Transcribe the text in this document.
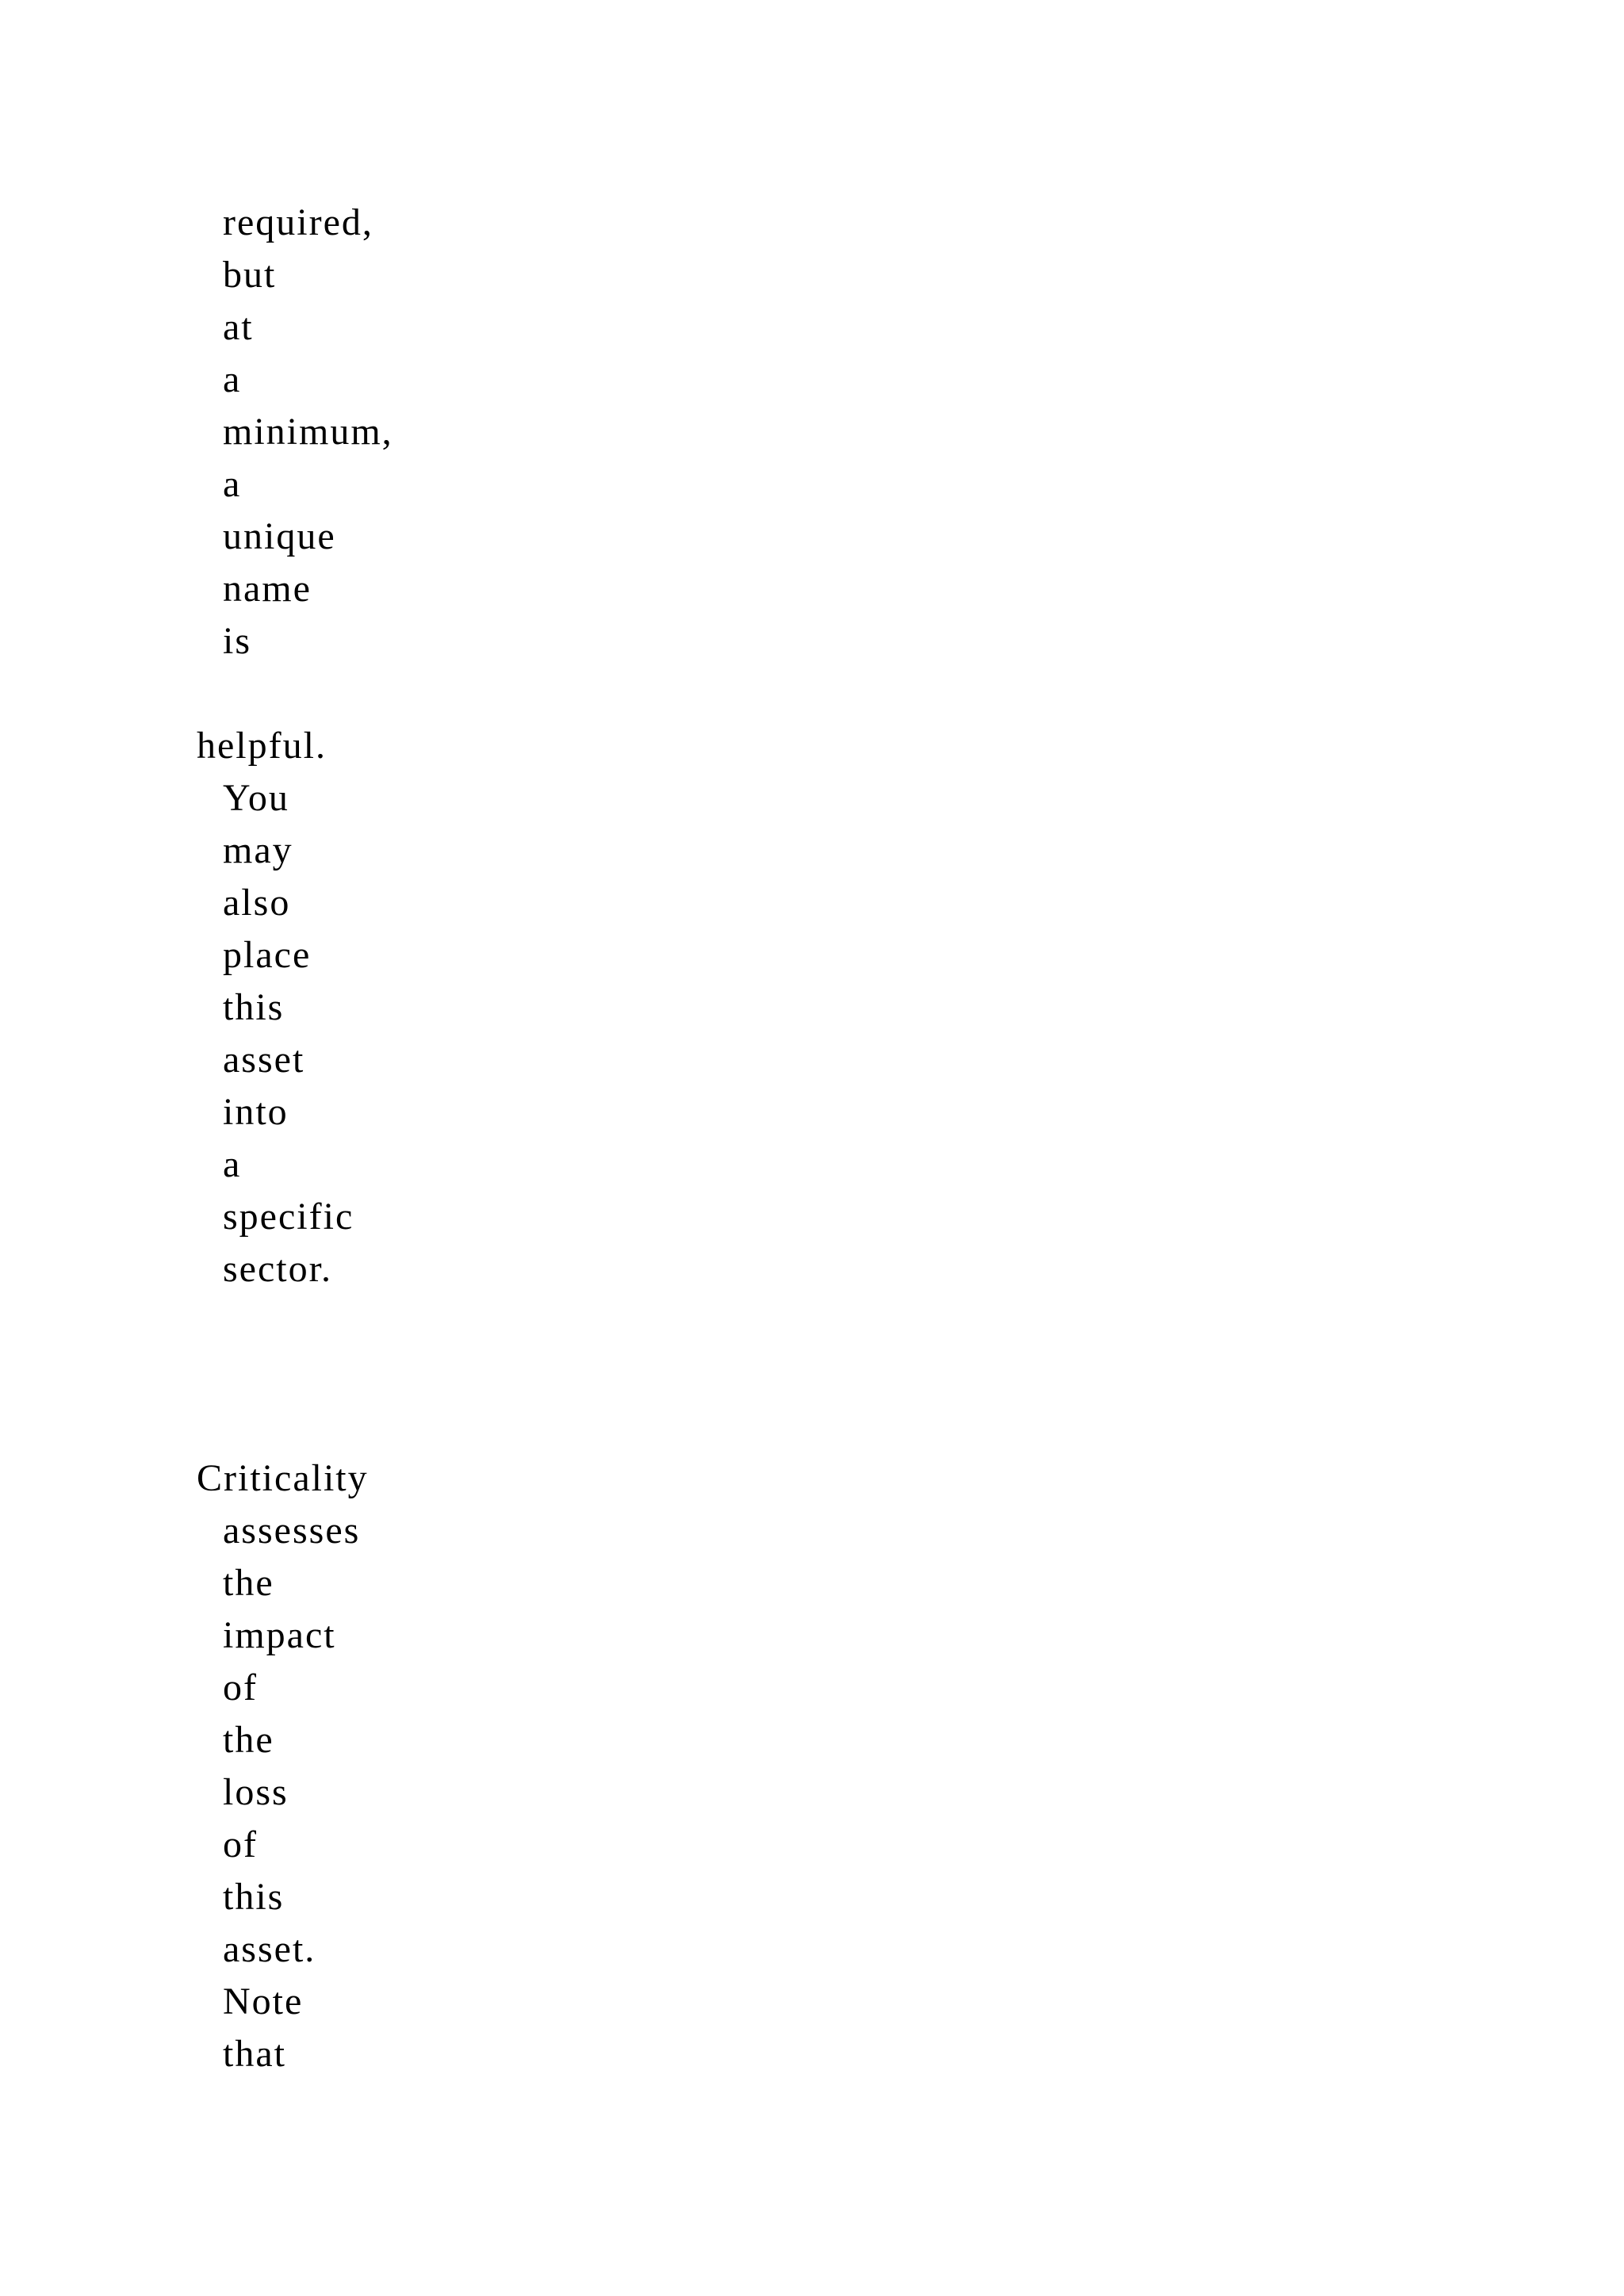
required,

but

at

a

minimum,

a

unique

name

is

helpful.

You

may

also

place

this

asset

into

a

specific

sector.

Criticality

assesses

the

impact

of

the

loss

of

this

asset.

Note

that
